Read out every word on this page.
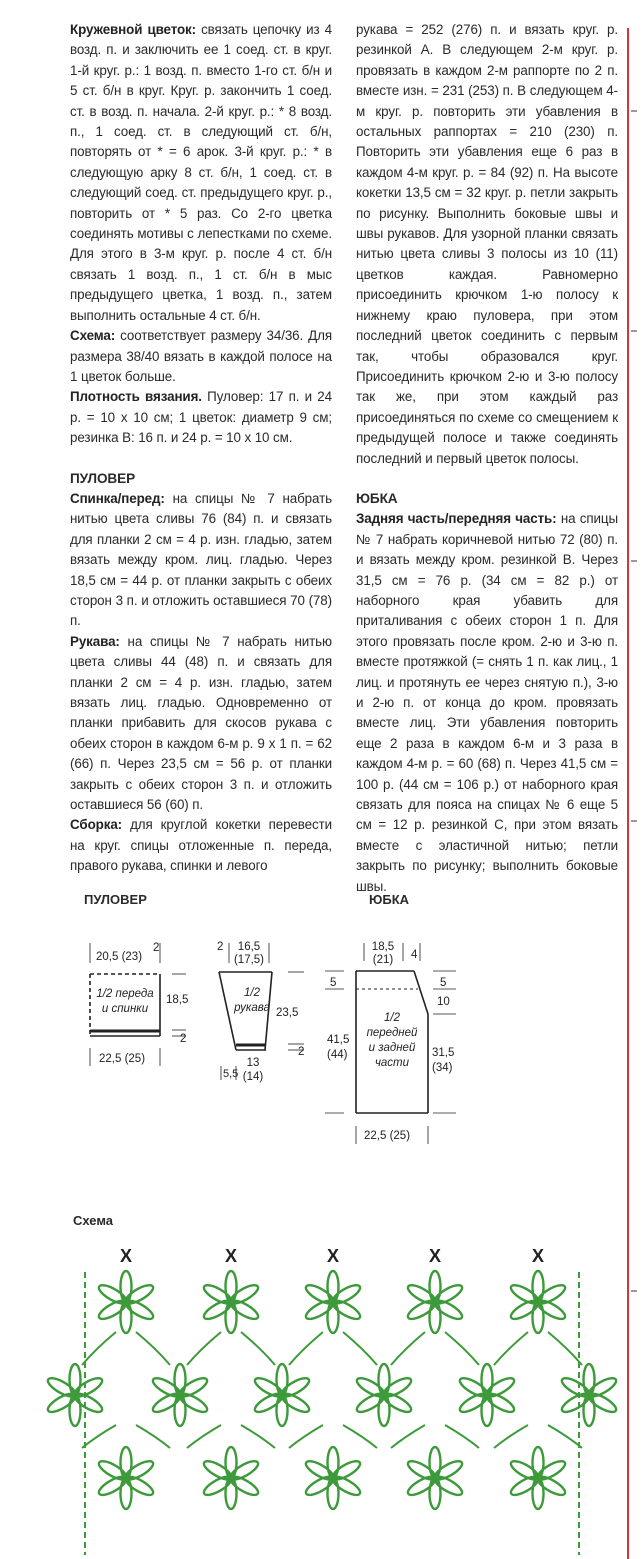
Кружевной цветок: связать цепочку из 4 возд. п. и заключить ее 1 соед. ст. в круг. 1-й круг. р.: 1 возд. п. вместо 1-го ст. б/н и 5 ст. б/н в круг. Круг. р. закончить 1 соед. ст. в возд. п. начала. 2-й круг. р.: * 8 возд. п., 1 соед. ст. в следующий ст. б/н, повторять от * = 6 арок. 3-й круг. р.: * в следующую арку 8 ст. б/н, 1 соед. ст. в следующий соед. ст. предыдущего круг. р., повторить от * 5 раз. Со 2-го цветка соединять мотивы с лепестками по схеме. Для этого в 3-м круг. р. после 4 ст. б/н связать 1 возд. п., 1 ст. б/н в мыс предыдущего цветка, 1 возд. п., затем выполнить остальные 4 ст. б/н.

Схема: соответствует размеру 34/36. Для размера 38/40 вязать в каждой полосе на 1 цветок больше.

Плотность вязания. Пуловер: 17 п. и 24 р. = 10 x 10 см; 1 цветок: диаметр 9 см; резинка В: 16 п. и 24 р. = 10 x 10 см.

ПУЛОВЕР

Спинка/перед: на спицы № 7 набрать нитью цвета сливы 76 (84) п. и связать для планки 2 см = 4 р. изн. гладью, затем вязать между кром. лиц. гладью. Через 18,5 см = 44 р. от планки закрыть с обеих сторон 3 п. и отложить оставшиеся 70 (78) п.

Рукава: на спицы № 7 набрать нитью цвета сливы 44 (48) п. и связать для планки 2 см = 4 р. изн. гладью, затем вязать лиц. гладью. Одновременно от планки прибавить для скосов рукава с обеих сторон в каждом 6-м р. 9 x 1 п. = 62 (66) п. Через 23,5 см = 56 р. от планки закрыть с обеих сторон 3 п. и отложить оставшиеся 56 (60) п.

Сборка: для круглой кокетки перевести на круг. спицы отложенные п. переда, правого рукава, спинки и левого

рукава = 252 (276) п. и вязать круг. р. резинкой А. В следующем 2-м круг. р. провязать в каждом 2-м раппорте по 2 п. вместе изн. = 231 (253) п. В следующем 4-м круг. р. повторить эти убавления в остальных раппортах = 210 (230) п. Повторить эти убавления еще 6 раз в каждом 4-м круг. р. = 84 (92) п. На высоте кокетки 13,5 см = 32 круг. р. петли закрыть по рисунку. Выполнить боковые швы и швы рукавов. Для узорной планки связать нитью цвета сливы 3 полосы из 10 (11) цветков каждая. Равномерно присоединить крючком 1-ю полосу к нижнему краю пуловера, при этом последний цветок соединить с первым так, чтобы образовался круг. Присоединить крючком 2-ю и 3-ю полосу так же, при этом каждый раз присоединяться по схеме со смещением к предыдущей полосе и также соединять последний и первый цветок полосы.

ЮБКА

Задняя часть/передняя часть: на спицы № 7 набрать коричневой нитью 72 (80) п. и вязать между кром. резинкой В. Через 31,5 см = 76 р. (34 см = 82 р.) от наборного края убавить для приталивания с обеих сторон 1 п. Для этого провязать после кром. 2-ю и 3-ю п. вместе протяжкой (= снять 1 п. как лиц., 1 лиц. и протянуть ее через снятую п.), 3-ю и 2-ю п. от конца до кром. провязать вместе лиц. Эти убавления повторить еще 2 раза в каждом 6-м и 3 раза в каждом 4-м р. = 60 (68) п. Через 41,5 см = 100 р. (44 см = 106 р.) от наборного края связать для пояса на спицах № 6 еще 5 см = 12 р. резинкой С, при этом вязать вместе с эластичной нитью; петли закрыть по рисунку; выполнить боковые швы.

ПУЛОВЕР	ЮБКА
20,5 (23)
2
1/2 переда
и спинки
18,5
2
22,5 (25)
2 16,5
(17,5)
1/2
рукава 23,5
2
13
(14)
5,5
18,5
(21) 4
5	5
10
1/2
передней
и задней
части
41,5
(44)	31,5
(34)
22,5 (25)
Схема
X	X	X	X	X
